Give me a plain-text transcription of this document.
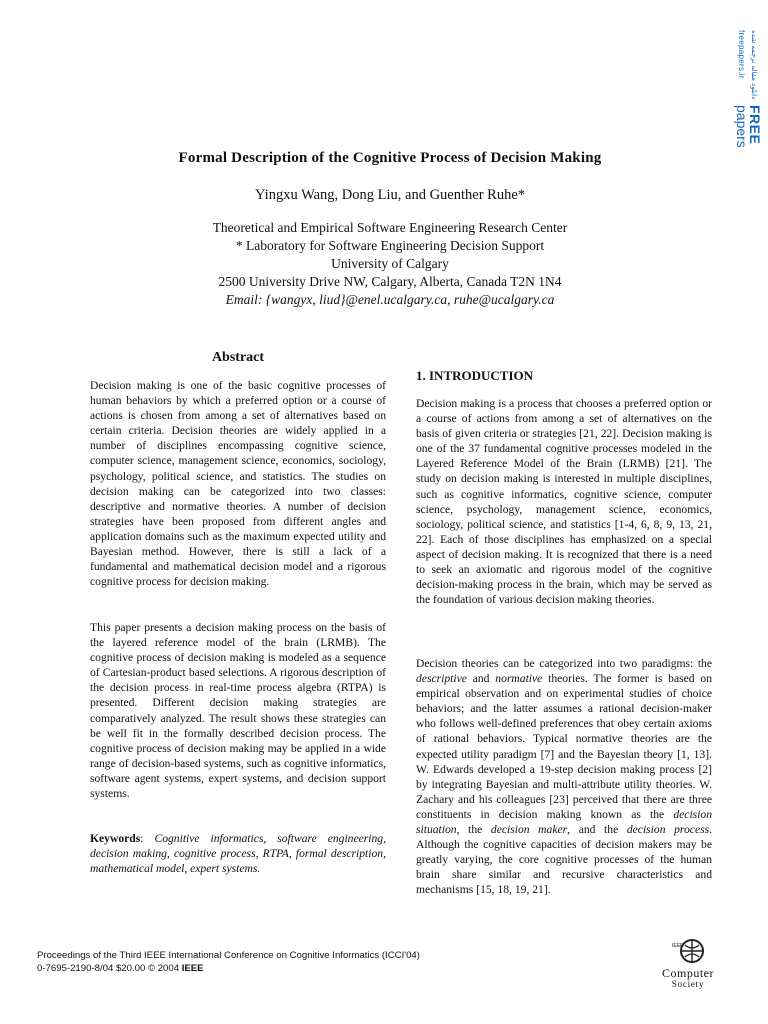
دانلود مقاله ترجمه شده
freepapers.ir
FREE
papers
Formal Description of the Cognitive Process of Decision Making
Yingxu Wang, Dong Liu, and Guenther Ruhe*
Theoretical and Empirical Software Engineering Research Center
* Laboratory for Software Engineering Decision Support
University of Calgary
2500 University Drive NW, Calgary, Alberta, Canada T2N 1N4
Email: {wangyx, liud}@enel.ucalgary.ca, ruhe@ucalgary.ca
Abstract

Decision making is one of the basic cognitive processes of human behaviors by which a preferred option or a course of actions is chosen from among a set of alternatives based on certain criteria. Decision theories are widely applied in a number of disciplines encompassing cognitive science, computer science, management science, economics, sociology, psychology, political science, and statistics. The studies on decision making can be categorized into two classes: descriptive and normative theories. A number of decision strategies have been proposed from different angles and application domains such as the maximum expected utility and Bayesian method. However, there is still a lack of a fundamental and mathematical decision model and a rigorous cognitive process for decision making.

This paper presents a decision making process on the basis of the layered reference model of the brain (LRMB). The cognitive process of decision making is modeled as a sequence of Cartesian-product based selections. A rigorous description of the decision process in real-time process algebra (RTPA) is presented. Different decision making strategies are comparatively analyzed. The result shows these strategies can be well fit in the formally described decision process. The cognitive process of decision making may be applied in a wide range of decision-based systems, such as cognitive informatics, software agent systems, expert systems, and decision support systems.

Keywords: Cognitive informatics, software engineering, decision making, cognitive process, RTPA, formal description, mathematical model, expert systems.

1. INTRODUCTION

Decision making is a process that chooses a preferred option or a course of actions from among a set of alternatives on the basis of given criteria or strategies [21, 22]. Decision making is one of the 37 fundamental cognitive processes modeled in the Layered Reference Model of the Brain (LRMB) [21]. The study on decision making is interested in multiple disciplines, such as cognitive informatics, cognitive science, computer science, psychology, management science, economics, sociology, political science, and statistics [1-4, 6, 8, 9, 13, 21, 22]. Each of those disciplines has emphasized on a special aspect of decision making. It is recognized that there is a need to seek an axiomatic and rigorous model of the cognitive decision-making process in the brain, which may be served as the foundation of various decision making theories.

Decision theories can be categorized into two paradigms: the descriptive and normative theories. The former is based on empirical observation and on experimental studies of choice behaviors; and the latter assumes a rational decision-maker who follows well-defined preferences that obey certain axioms of rational behaviors. Typical normative theories are the expected utility paradigm [7] and the Bayesian theory [1, 13]. W. Edwards developed a 19-step decision making process [2] by integrating Bayesian and multi-attribute utility theories. W. Zachary and his colleagues [23] perceived that there are three constituents in decision making known as the decision situation, the decision maker, and the decision process. Although the cognitive capacities of decision makers may be greatly varying, the core cognitive processes of the human brain share similar and recursive characteristics and mechanisms [15, 18, 19, 21].

Proceedings of the Third IEEE International Conference on Cognitive Informatics (ICCI'04)
0-7695-2190-8/04 $20.00 © 2004 IEEE
IEEE
Computer
Society
